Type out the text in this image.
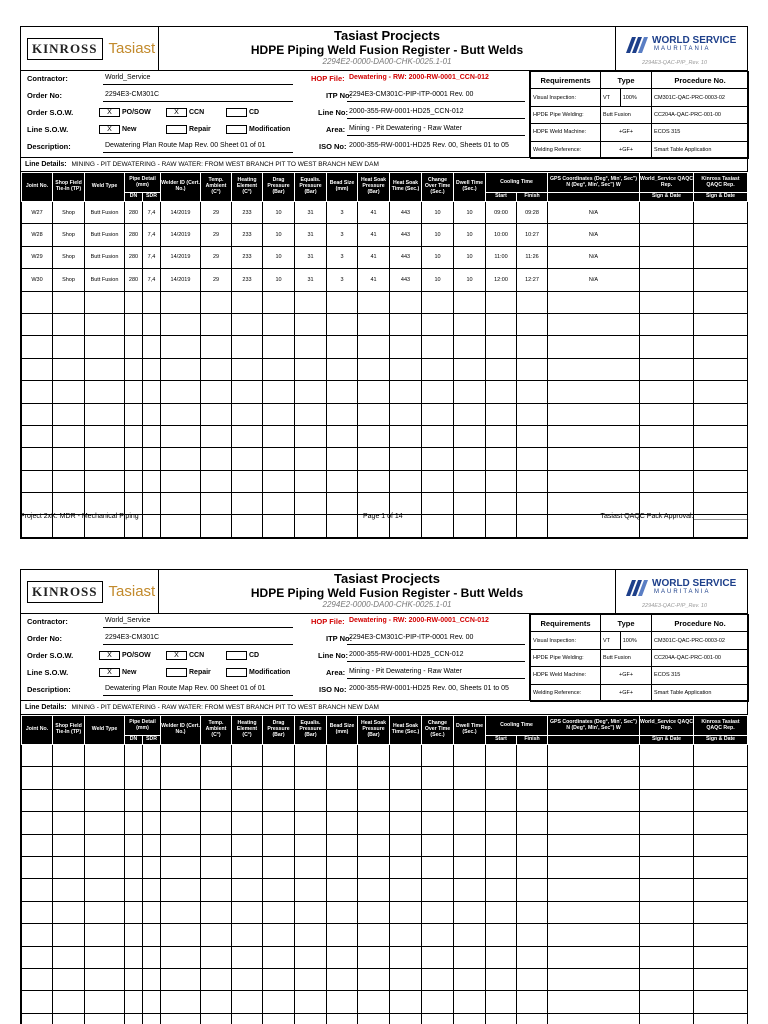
KINROSS Tasiast
Tasiast Procjects
HDPE Piping Weld Fusion Register - Butt Welds
2294E2-0000-DA00-CHK-0025.1-01
WORLD SERVICE
MAURITANIA
2294E3-QAC-PIP_Rev. 10
Contractor:	World_Service
Order No:	2294E3-CM301C
Order S.O.W.	X	PO/SOW	X	CCN	CD
Line S.O.W.	X	New	Repair	Modification
Description:	Dewatering Plan Route Map Rev. 00 Sheet 01 of 01
HOP File: Dewatering - RW: 2000-RW-0001_CCN-012
ITP No:
2294E3-CM301C-PIP-ITP-0001 Rev. 00
Line No: 2000-355-RW-0001-HD25_CCN-012
Area: Mining - Pit Dewatering - Raw Water
ISO No: 2000-355-RW-0001-HD25 Rev. 00, Sheets 01 to 05
Requirements	Type		Procedure No.
Visual Inspection:	VT	100%	CM301C-QAC-PRC-0003-02
HPDE Pipe Welding:	Butt Fusion		CC204A-QAC-PRC-001-00
HDPE Weld Machine:	+GF+		ECOS 315
Welding Reference:	+GF+		Smart Table Application
Line Details: MINING - PIT DEWATERING - RAW WATER: FROM WEST BRANCH PIT TO WEST BRANCH NEW DAM
Joint No.	Shop Field Tie-In (TP)	Weld Type	Pipe Detail (mm)		Welder ID (Cert. No.)	Temp. Ambient (C°)	Heating Element (C°)	Drag Pressure (Bar)	Equalis. Pressure (Bar)	Bead Size (mm)	Heat Soak Pressure (Bar)	Heat Soak Time (Sec.)	Change Over Time (Sec.)	Dwell Time (Sec.)	Cooling Time		GPS Coordinates (Deg°, Min', Sec") N (Deg°, Min', Sec") W	World_Service QAQC Rep.	Kinross Tasiast QAQC Rep.
			DN	SDR											Start	Finish		Sign & Date	Sign & Date
W27	Shop	Butt Fusion	280	7,4	14/2019	29	233	10	31	3	41	443	10	10	09:00	09:28	N/A		
W28	Shop	Butt Fusion	280	7,4	14/2019	29	233	10	31	3	41	443	10	10	10:00	10:27	N/A		
W29	Shop	Butt Fusion	280	7,4	14/2019	29	233	10	31	3	41	443	10	10	11:00	11:26	N/A		
W30	Shop	Butt Fusion	280	7,4	14/2019	29	233	10	31	3	41	443	10	10	12:00	12:27	N/A		

Project 2xK: MDR - Mechanical Piping	Page 1 of 14	Tasiast QAQC Pack Approval:______________
KINROSS Tasiast
Tasiast Procjects
HDPE Piping Weld Fusion Register - Butt Welds
2294E2-0000-DA00-CHK-0025.1-01
WORLD SERVICE
MAURITANIA
2294E3-QAC-PIP_Rev. 10
Contractor:	World_Service
Order No:	2294E3-CM301C
Order S.O.W.	X	PO/SOW	X	CCN	CD
Line S.O.W.	X	New	Repair	Modification
Description:	Dewatering Plan Route Map Rev. 00 Sheet 01 of 01
HOP File: Dewatering - RW: 2000-RW-0001_CCN-012
ITP No:
2294E3-CM301C-PIP-ITP-0001 Rev. 00
Line No: 2000-355-RW-0001-HD25_CCN-012
Area: Mining - Pit Dewatering - Raw Water
ISO No: 2000-355-RW-0001-HD25 Rev. 00, Sheets 01 to 05
Requirements	Type		Procedure No.
Visual Inspection:	VT	100%	CM301C-QAC-PRC-0003-02
HPDE Pipe Welding:	Butt Fusion		CC204A-QAC-PRC-001-00
HDPE Weld Machine:	+GF+		ECOS 315
Welding Reference:	+GF+		Smart Table Application
Line Details: MINING - PIT DEWATERING - RAW WATER: FROM WEST BRANCH PIT TO WEST BRANCH NEW DAM
Joint No.	Shop Field Tie-In (TP)	Weld Type	Pipe Detail (mm)		Welder ID (Cert. No.)	Temp. Ambient (C°)	Heating Element (C°)	Drag Pressure (Bar)	Equalis. Pressure (Bar)	Bead Size (mm)	Heat Soak Pressure (Bar)	Heat Soak Time (Sec.)	Change Over Time (Sec.)	Dwell Time (Sec.)	Cooling Time		GPS Coordinates (Deg°, Min', Sec") N (Deg°, Min', Sec") W	World_Service QAQC Rep.	Kinross Tasiast QAQC Rep.
			DN	SDR											Start	Finish		Sign & Date	Sign & Date
